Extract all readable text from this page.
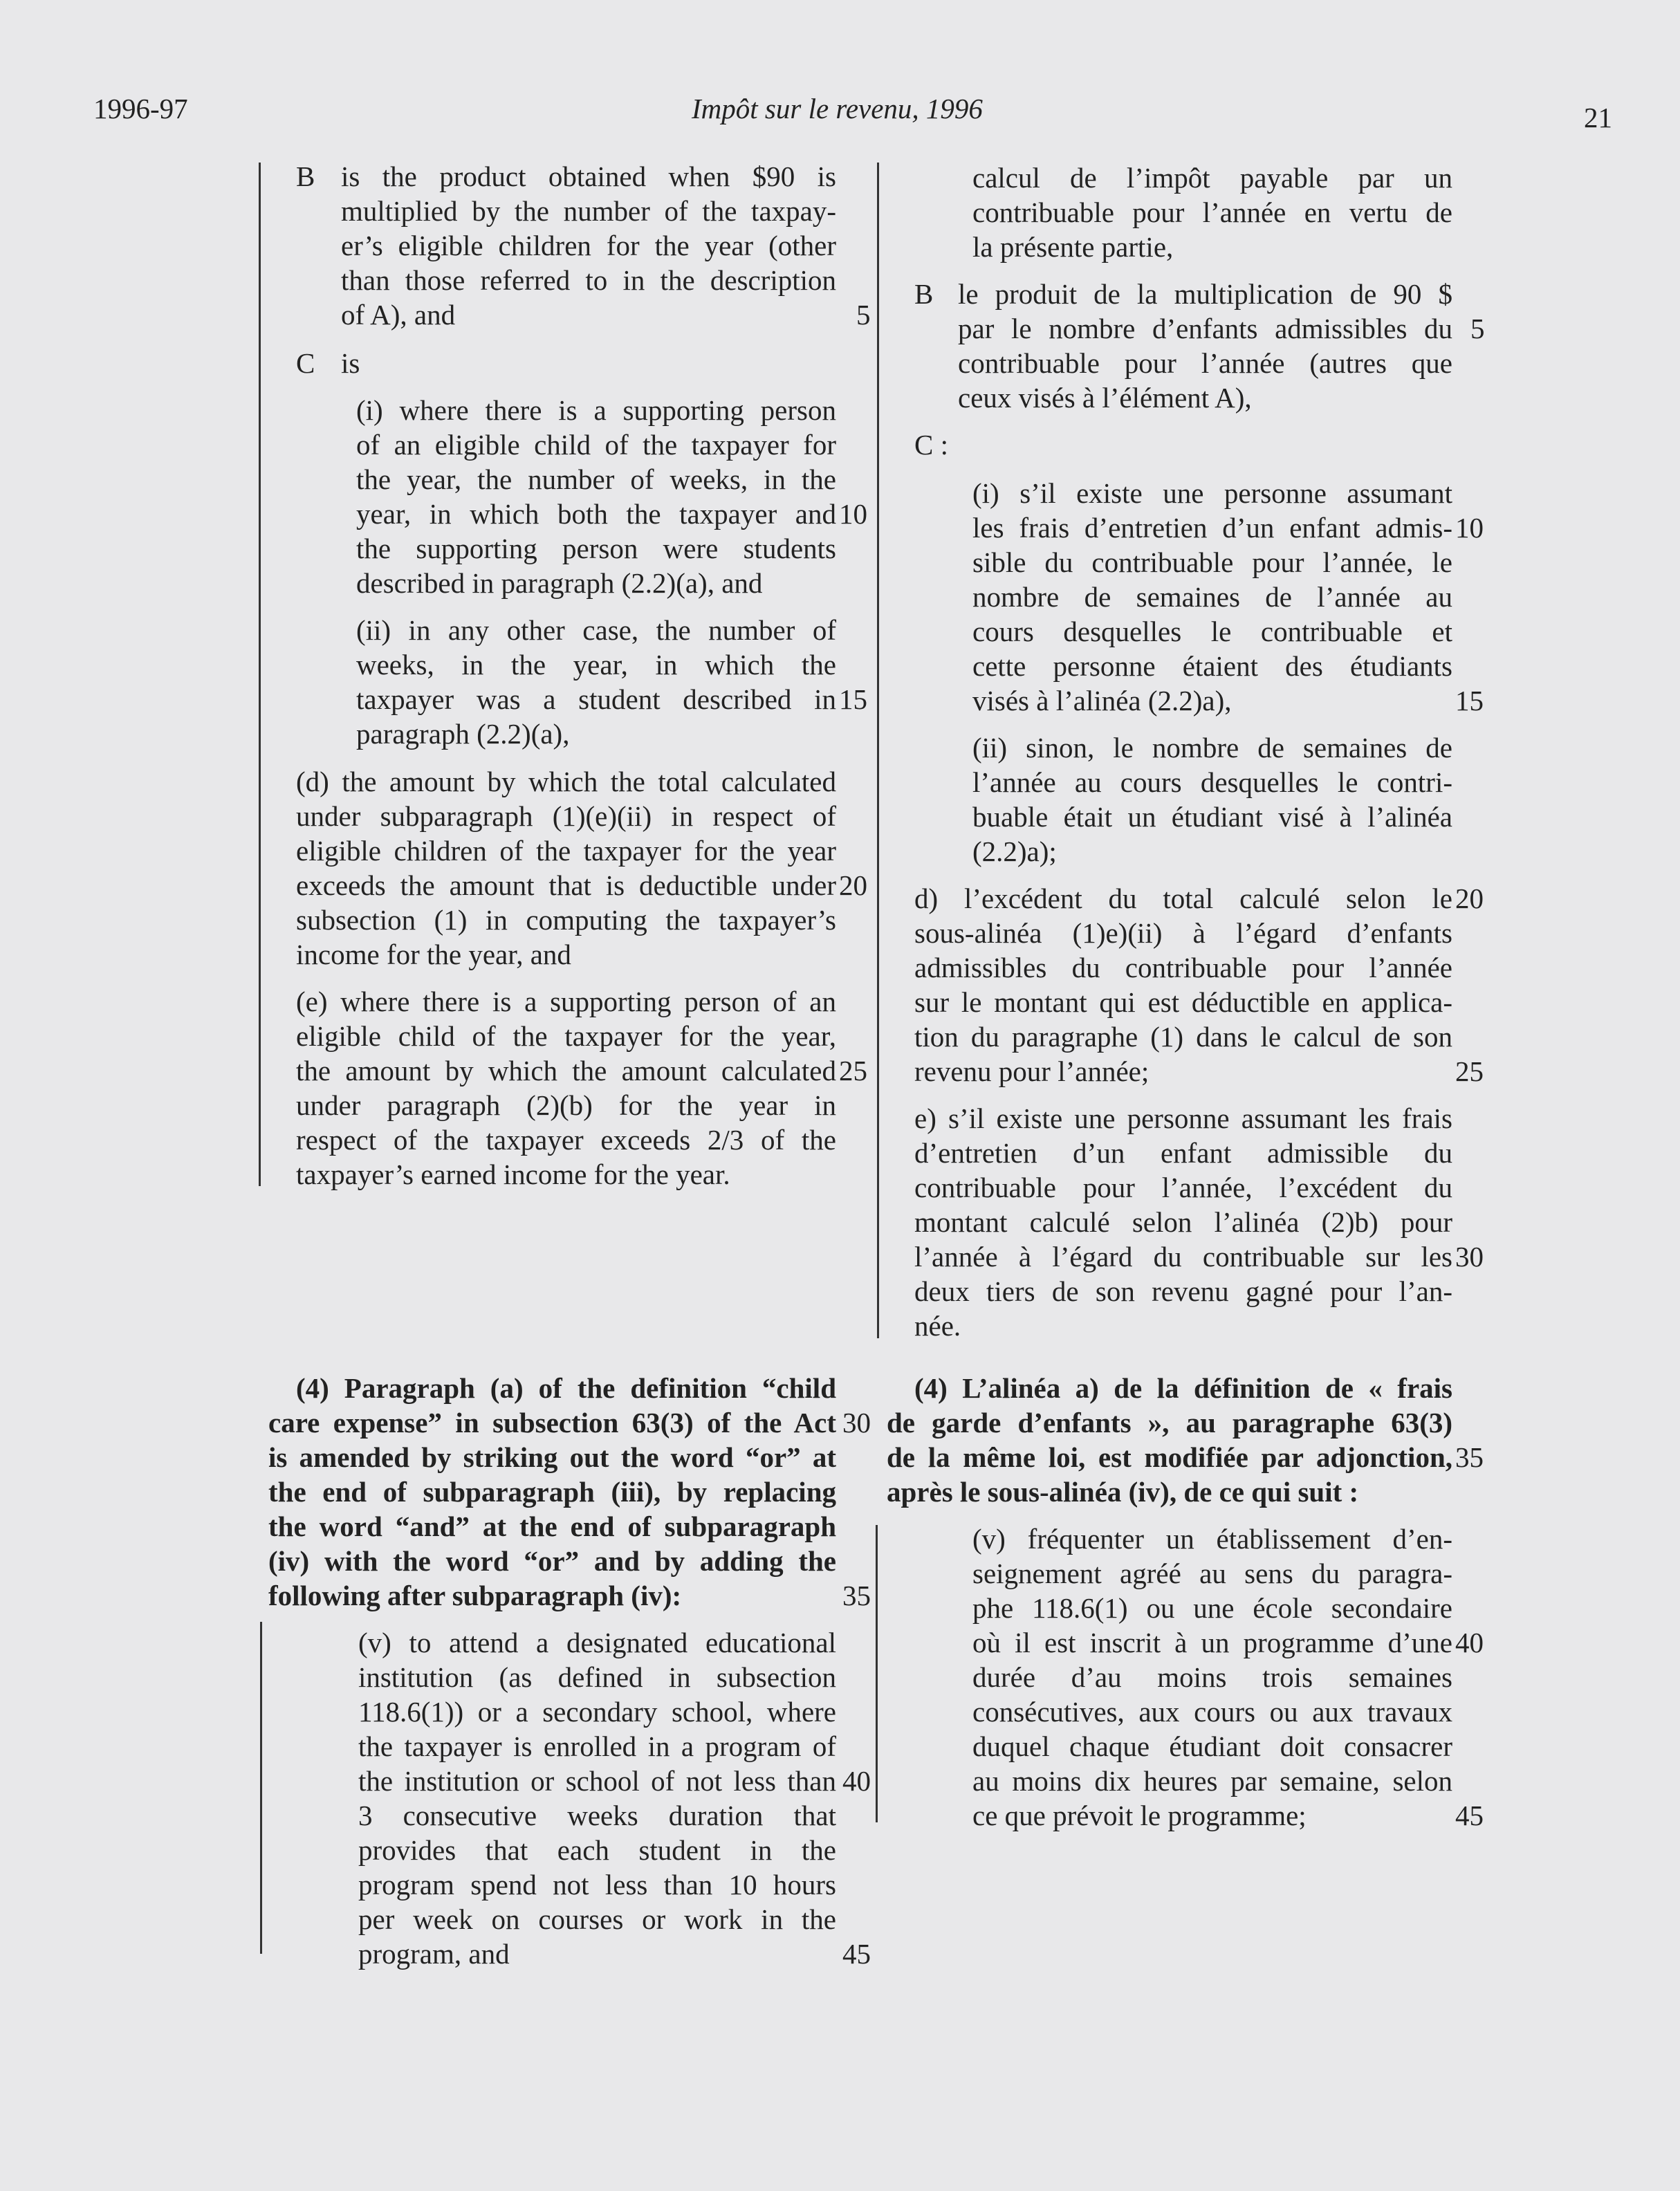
1996-97	Impôt sur le revenu, 1996	21
B is the product obtained when $90 is
multiplied by the number of the taxpay-
er’s eligible children for the year (other
than those referred to in the description
of A), and
C is
(i) where there is a supporting person
of an eligible child of the taxpayer for
the year, the number of weeks, in the
year, in which both the taxpayer and
the supporting person were students
described in paragraph (2.2)(a), and
(ii) in any other case, the number of
weeks, in the year, in which the
taxpayer was a student described in
paragraph (2.2)(a),
(d) the amount by which the total calculated
under subparagraph (1)(e)(ii) in respect of
eligible children of the taxpayer for the year
exceeds the amount that is deductible under
subsection (1) in computing the taxpayer’s
income for the year, and
(e) where there is a supporting person of an
eligible child of the taxpayer for the year,
the amount by which the amount calculated
under paragraph (2)(b) for the year in
respect of the taxpayer exceeds 2/3 of the
taxpayer’s earned income for the year.
(4) Paragraph (a) of the definition “child
care expense” in subsection 63(3) of the Act
is amended by striking out the word “or” at
the end of subparagraph (iii), by replacing
the word “and” at the end of subparagraph
(iv) with the word “or” and by adding the
following after subparagraph (iv):
(v) to attend a designated educational
institution (as defined in subsection
118.6(1)) or a secondary school, where
the taxpayer is enrolled in a program of
the institution or school of not less than
3 consecutive weeks duration that
provides that each student in the
program spend not less than 10 hours
per week on courses or work in the
program, and
5
10
15
20
25
30
35
40
45
calcul de l’impôt payable par un
contribuable pour l’année en vertu de
la présente partie,
B le produit de la multiplication de 90 $
par le nombre d’enfants admissibles du
contribuable pour l’année (autres que
ceux visés à l’élément A),
C :
(i) s’il existe une personne assumant
les frais d’entretien d’un enfant admis-
sible du contribuable pour l’année, le
nombre de semaines de l’année au
cours desquelles le contribuable et
cette personne étaient des étudiants
visés à l’alinéa (2.2)a),
(ii) sinon, le nombre de semaines de
l’année au cours desquelles le contri-
buable était un étudiant visé à l’alinéa
(2.2)a);
d) l’excédent du total calculé selon le
sous-alinéa (1)e)(ii) à l’égard d’enfants
admissibles du contribuable pour l’année
sur le montant qui est déductible en applica-
tion du paragraphe (1) dans le calcul de son
revenu pour l’année;
e) s’il existe une personne assumant les frais
d’entretien d’un enfant admissible du
contribuable pour l’année, l’excédent du
montant calculé selon l’alinéa (2)b) pour
l’année à l’égard du contribuable sur les
deux tiers de son revenu gagné pour l’an-
née.
(4) L’alinéa a) de la définition de « frais
de garde d’enfants », au paragraphe 63(3)
de la même loi, est modifiée par adjonction,
après le sous-alinéa (iv), de ce qui suit :
(v) fréquenter un établissement d’en-
seignement agréé au sens du paragra-
phe 118.6(1) ou une école secondaire
où il est inscrit à un programme d’une
durée d’au moins trois semaines
consécutives, aux cours ou aux travaux
duquel chaque étudiant doit consacrer
au moins dix heures par semaine, selon
ce que prévoit le programme;
5
10
15
20
25
30
35
40
45
